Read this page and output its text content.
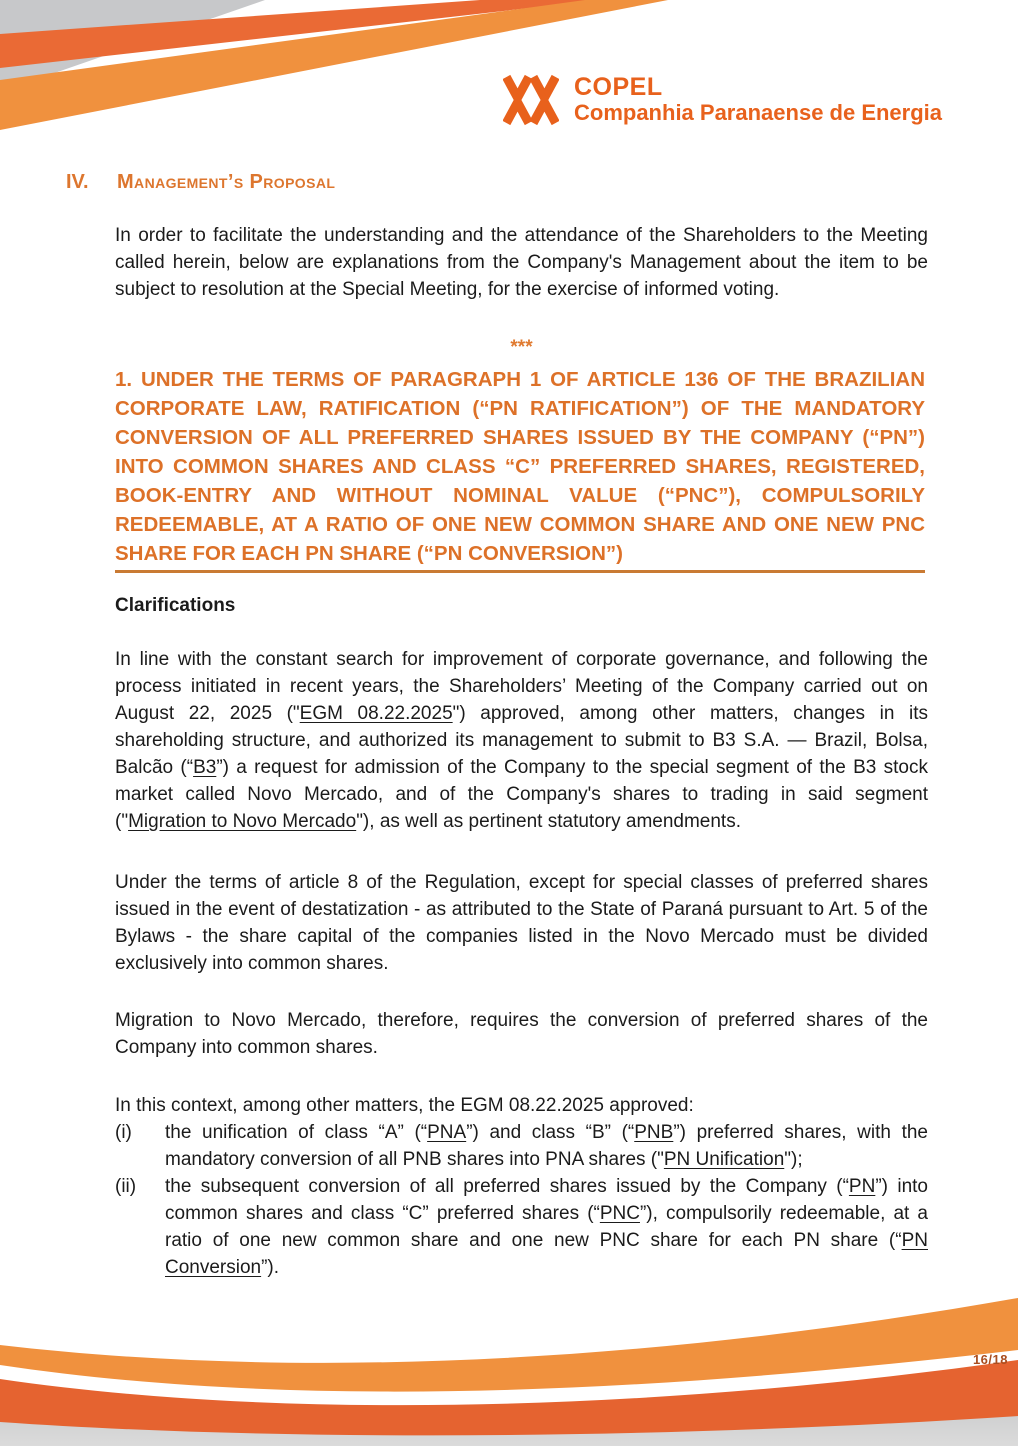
COPEL
Companhia Paranaense de Energia
IV.	Management’s Proposal

In order to facilitate the understanding and the attendance of the Shareholders to the Meeting called herein, below are explanations from the Company's Management about the item to be subject to resolution at the Special Meeting, for the exercise of informed voting.

***
1. UNDER THE TERMS OF PARAGRAPH 1 OF ARTICLE 136 OF THE BRAZILIAN CORPORATE LAW, RATIFICATION (“PN RATIFICATION”) OF THE MANDATORY CONVERSION OF ALL PREFERRED SHARES ISSUED BY THE COMPANY (“PN”) INTO COMMON SHARES AND CLASS “C” PREFERRED SHARES, REGISTERED, BOOK-ENTRY AND WITHOUT NOMINAL VALUE (“PNC”), COMPULSORILY REDEEMABLE, AT A RATIO OF ONE NEW COMMON SHARE AND ONE NEW PNC SHARE FOR EACH PN SHARE (“PN CONVERSION”)
Clarifications

In line with the constant search for improvement of corporate governance, and following the process initiated in recent years, the Shareholders’ Meeting of the Company carried out on August 22, 2025 ("EGM 08.22.2025") approved, among other matters, changes in its shareholding structure, and authorized its management to submit to B3 S.A. — Brazil, Bolsa, Balcão (“B3”) a request for admission of the Company to the special segment of the B3 stock market called Novo Mercado, and of the Company's shares to trading in said segment ("Migration to Novo Mercado"), as well as pertinent statutory amendments.

Under the terms of article 8 of the Regulation, except for special classes of preferred shares issued in the event of destatization - as attributed to the State of Paraná pursuant to Art. 5 of the Bylaws - the share capital of the companies listed in the Novo Mercado must be divided exclusively into common shares.

Migration to Novo Mercado, therefore, requires the conversion of preferred shares of the Company into common shares.

In this context, among other matters, the EGM 08.22.2025 approved:

(i)	the unification of class “A” (“PNA”) and class “B” (“PNB”) preferred shares, with the mandatory conversion of all PNB shares into PNA shares ("PN Unification");
(ii)	the subsequent conversion of all preferred shares issued by the Company (“PN”) into common shares and class “C” preferred shares (“PNC”), compulsorily redeemable, at a ratio of one new common share and one new PNC share for each PN share (“PN Conversion”).
16/18
